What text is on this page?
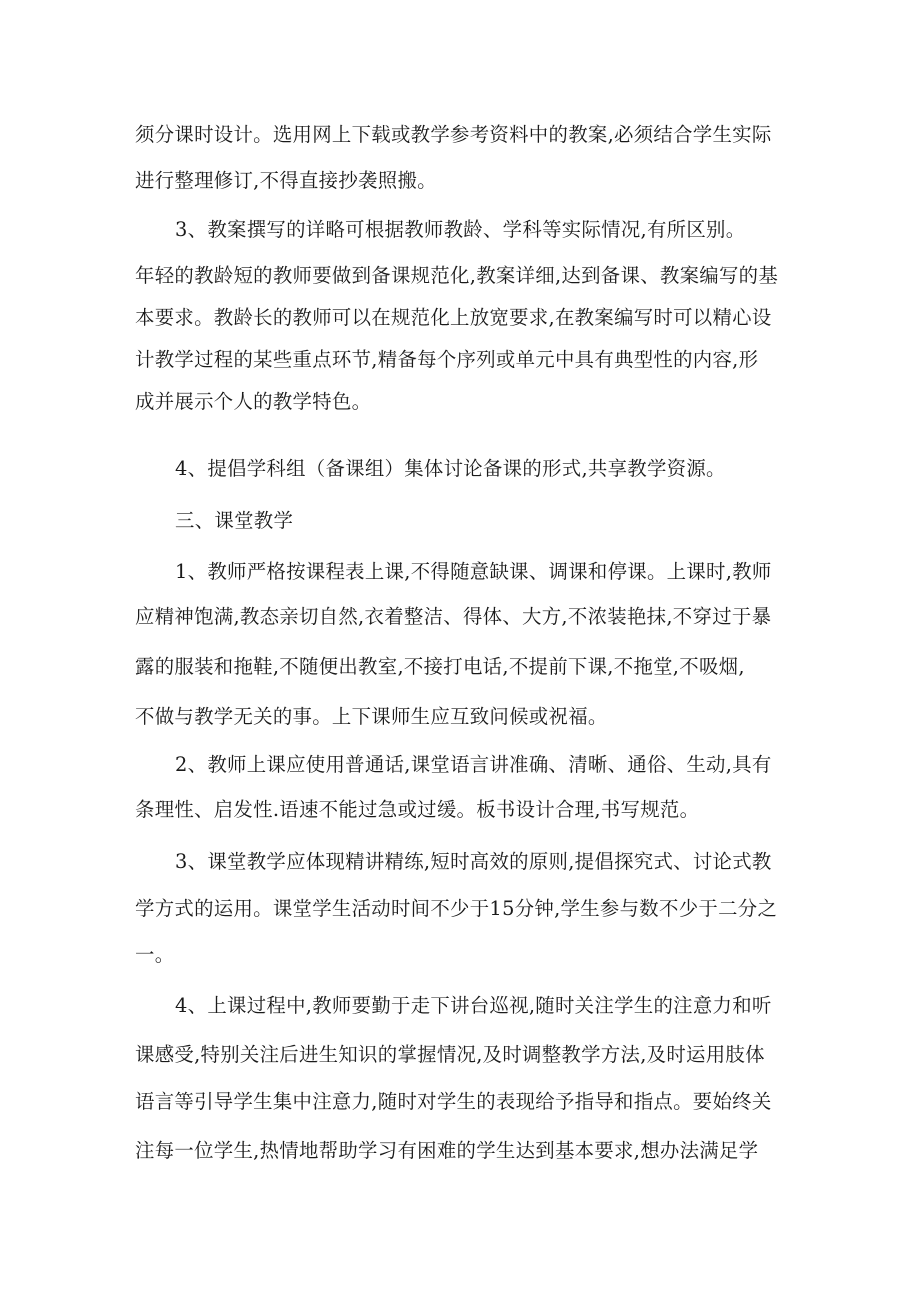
须分课时设计。选用网上下载或教学参考资料中的教案,必须结合学生实际
进行整理修订,不得直接抄袭照搬。
3、教案撰写的详略可根据教师教龄、学科等实际情况,有所区别。
年轻的教龄短的教师要做到备课规范化,教案详细,达到备课、教案编写的基
本要求。教龄长的教师可以在规范化上放宽要求,在教案编写时可以精心设
计教学过程的某些重点环节,精备每个序列或单元中具有典型性的内容,形
成并展示个人的教学特色。
4、提倡学科组（备课组）集体讨论备课的形式,共享教学资源。
三、课堂教学
1、教师严格按课程表上课,不得随意缺课、调课和停课。上课时,教师
应精神饱满,教态亲切自然,衣着整洁、得体、大方,不浓装艳抹,不穿过于暴
露的服装和拖鞋,不随便出教室,不接打电话,不提前下课,不拖堂,不吸烟,
不做与教学无关的事。上下课师生应互致问候或祝福。
2、教师上课应使用普通话,课堂语言讲准确、清晰、通俗、生动,具有
条理性、启发性.语速不能过急或过缓。板书设计合理,书写规范。
3、课堂教学应体现精讲精练,短时高效的原则,提倡探究式、讨论式教
学方式的运用。课堂学生活动时间不少于15分钟,学生参与数不少于二分之
一。
4、上课过程中,教师要勤于走下讲台巡视,随时关注学生的注意力和听
课感受,特别关注后进生知识的掌握情况,及时调整教学方法,及时运用肢体
语言等引导学生集中注意力,随时对学生的表现给予指导和指点。要始终关
注每一位学生,热情地帮助学习有困难的学生达到基本要求,想办法满足学
